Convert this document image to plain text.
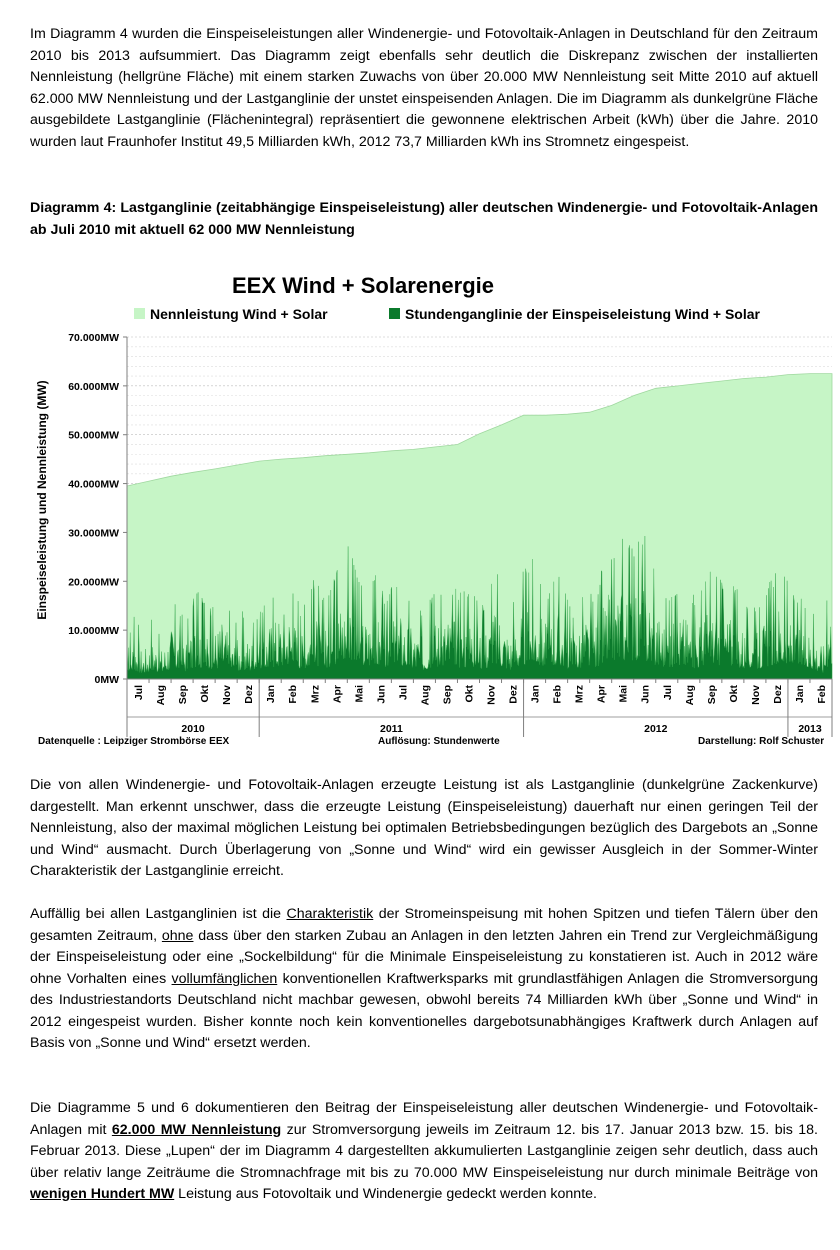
Im Diagramm 4 wurden die Einspeiseleistungen aller Windenergie- und Fotovoltaik-Anlagen in Deutschland für den Zeitraum 2010 bis 2013 aufsummiert. Das Diagramm zeigt ebenfalls sehr deutlich die Diskrepanz zwischen der installierten Nennleistung (hellgrüne Fläche) mit einem starken Zuwachs von über 20.000 MW Nennleistung seit Mitte 2010 auf aktuell 62.000 MW Nennleistung und der Lastganglinie der unstet einspeisenden Anlagen. Die im Diagramm als dunkelgrüne Fläche ausgebildete Lastganglinie (Flächenintegral) repräsentiert die gewonnene elektrischen Arbeit (kWh) über die Jahre. 2010 wurden laut Fraunhofer Institut 49,5 Milliarden kWh, 2012 73,7 Milliarden kWh ins Stromnetz eingespeist.

Diagramm 4: Lastganglinie (zeitabhängige Einspeiseleistung) aller deutschen Windenergie- und Fotovoltaik-Anlagen ab Juli 2010 mit aktuell 62 000 MW Nennleistung

EEX Wind + Solarenergie
Nennleistung Wind + Solar	Stundenganglinie der Einspeiseleistung Wind + Solar
Einspeiseleistung und Nennleistung (MW)
0MW
10.000MW
20.000MW
30.000MW
40.000MW
50.000MW
60.000MW
70.000MW
Jul Aug Sep Okt Nov Dez Jan Feb Mrz Apr Mai Jun Jul Aug Sep Okt Nov Dez Jan Feb Mrz Apr Mai Jun Jul Aug Sep Okt Nov Dez Jan Feb
2010	2011	2012	2013
Datenquelle : Leipziger Strombörse EEX	Auflösung: Stundenwerte	Darstellung: Rolf Schuster

Die von allen Windenergie- und Fotovoltaik-Anlagen erzeugte Leistung ist als Lastganglinie (dunkelgrüne Zackenkurve) dargestellt. Man erkennt unschwer, dass die erzeugte Leistung (Einspeiseleistung) dauerhaft nur einen geringen Teil der Nennleistung, also der maximal möglichen Leistung bei optimalen Betriebsbedingungen bezüglich des Dargebots an „Sonne und Wind“ ausmacht. Durch Überlagerung von „Sonne und Wind“ wird ein gewisser Ausgleich in der Sommer-Winter Charakteristik der Lastganglinie erreicht.

Auffällig bei allen Lastganglinien ist die Charakteristik der Stromeinspeisung mit hohen Spitzen und tiefen Tälern über den gesamten Zeitraum, ohne dass über den starken Zubau an Anlagen in den letzten Jahren ein Trend zur Vergleichmäßigung der Einspeiseleistung oder eine „Sockelbildung“ für die Minimale Einspeiseleistung zu konstatieren ist. Auch in 2012 wäre ohne Vorhalten eines vollumfänglichen konventionellen Kraftwerksparks mit grundlastfähigen Anlagen die Stromversorgung des Industriestandorts Deutschland nicht machbar gewesen, obwohl bereits 74 Milliarden kWh über „Sonne und Wind“ in 2012 eingespeist wurden. Bisher konnte noch kein konventionelles dargebotsunabhängiges Kraftwerk durch Anlagen auf Basis von „Sonne und Wind“ ersetzt werden.

Die Diagramme 5 und 6 dokumentieren den Beitrag der Einspeiseleistung aller deutschen Windenergie- und Fotovoltaik-Anlagen mit 62.000 MW Nennleistung zur Stromversorgung jeweils im Zeitraum 12. bis 17. Januar 2013 bzw. 15. bis 18. Februar 2013. Diese „Lupen“ der im Diagramm 4 dargestellten akkumulierten Lastganglinie zeigen sehr deutlich, dass auch über relativ lange Zeiträume die Stromnachfrage mit bis zu 70.000 MW Einspeiseleistung nur durch minimale Beiträge von wenigen Hundert MW Leistung aus Fotovoltaik und Windenergie gedeckt werden konnte.
